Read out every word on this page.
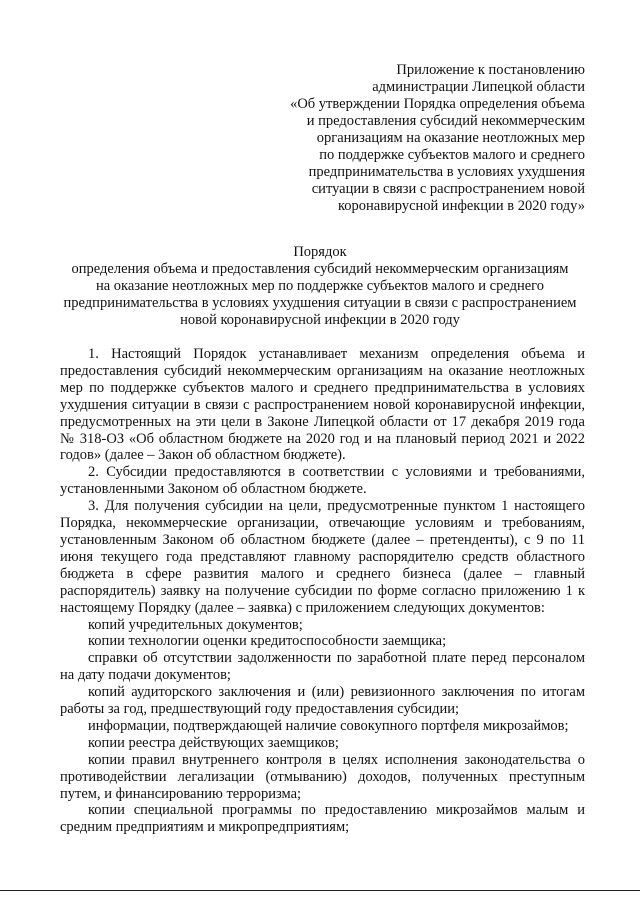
Приложение к постановлению
администрации Липецкой области
«Об утверждении Порядка определения объема
и предоставления субсидий некоммерческим
организациям на оказание неотложных мер
по поддержке субъектов малого и среднего
предпринимательства в условиях ухудшения
ситуации в связи с распространением новой
коронавирусной инфекции в 2020 году»
Порядок
определения объема и предоставления субсидий некоммерческим организациям
на оказание неотложных мер по поддержке субъектов малого и среднего
предпринимательства в условиях ухудшения ситуации в связи с распространением
новой коронавирусной инфекции в 2020 году

1. Настоящий Порядок устанавливает механизм определения объема и предоставления субсидий некоммерческим организациям на оказание неотложных мер по поддержке субъектов малого и среднего предпринимательства в условиях ухудшения ситуации в связи с распространением новой коронавирусной инфекции, предусмотренных на эти цели в Законе Липецкой области от 17 декабря 2019 года № 318-ОЗ «Об областном бюджете на 2020 год и на плановый период 2021 и 2022 годов» (далее – Закон об областном бюджете).

2. Субсидии предоставляются в соответствии с условиями и требованиями, установленными Законом об областном бюджете.

3. Для получения субсидии на цели, предусмотренные пунктом 1 настоящего Порядка, некоммерческие организации, отвечающие условиям и требованиям, установленным Законом об областном бюджете (далее – претенденты), с 9 по 11 июня текущего года представляют главному распорядителю средств областного бюджета в сфере развития малого и среднего бизнеса (далее – главный распорядитель) заявку на получение субсидии по форме согласно приложению 1 к настоящему Порядку (далее – заявка) с приложением следующих документов:

копий учредительных документов;

копии технологии оценки кредитоспособности заемщика;

справки об отсутствии задолженности по заработной плате перед персоналом на дату подачи документов;

копий аудиторского заключения и (или) ревизионного заключения по итогам работы за год, предшествующий году предоставления субсидии;

информации, подтверждающей наличие совокупного портфеля микрозаймов;

копии реестра действующих заемщиков;

копии правил внутреннего контроля в целях исполнения законодательства о противодействии легализации (отмыванию) доходов, полученных преступным путем, и финансированию терроризма;

копии специальной программы по предоставлению микрозаймов малым и средним предприятиям и микропредприятиям;
